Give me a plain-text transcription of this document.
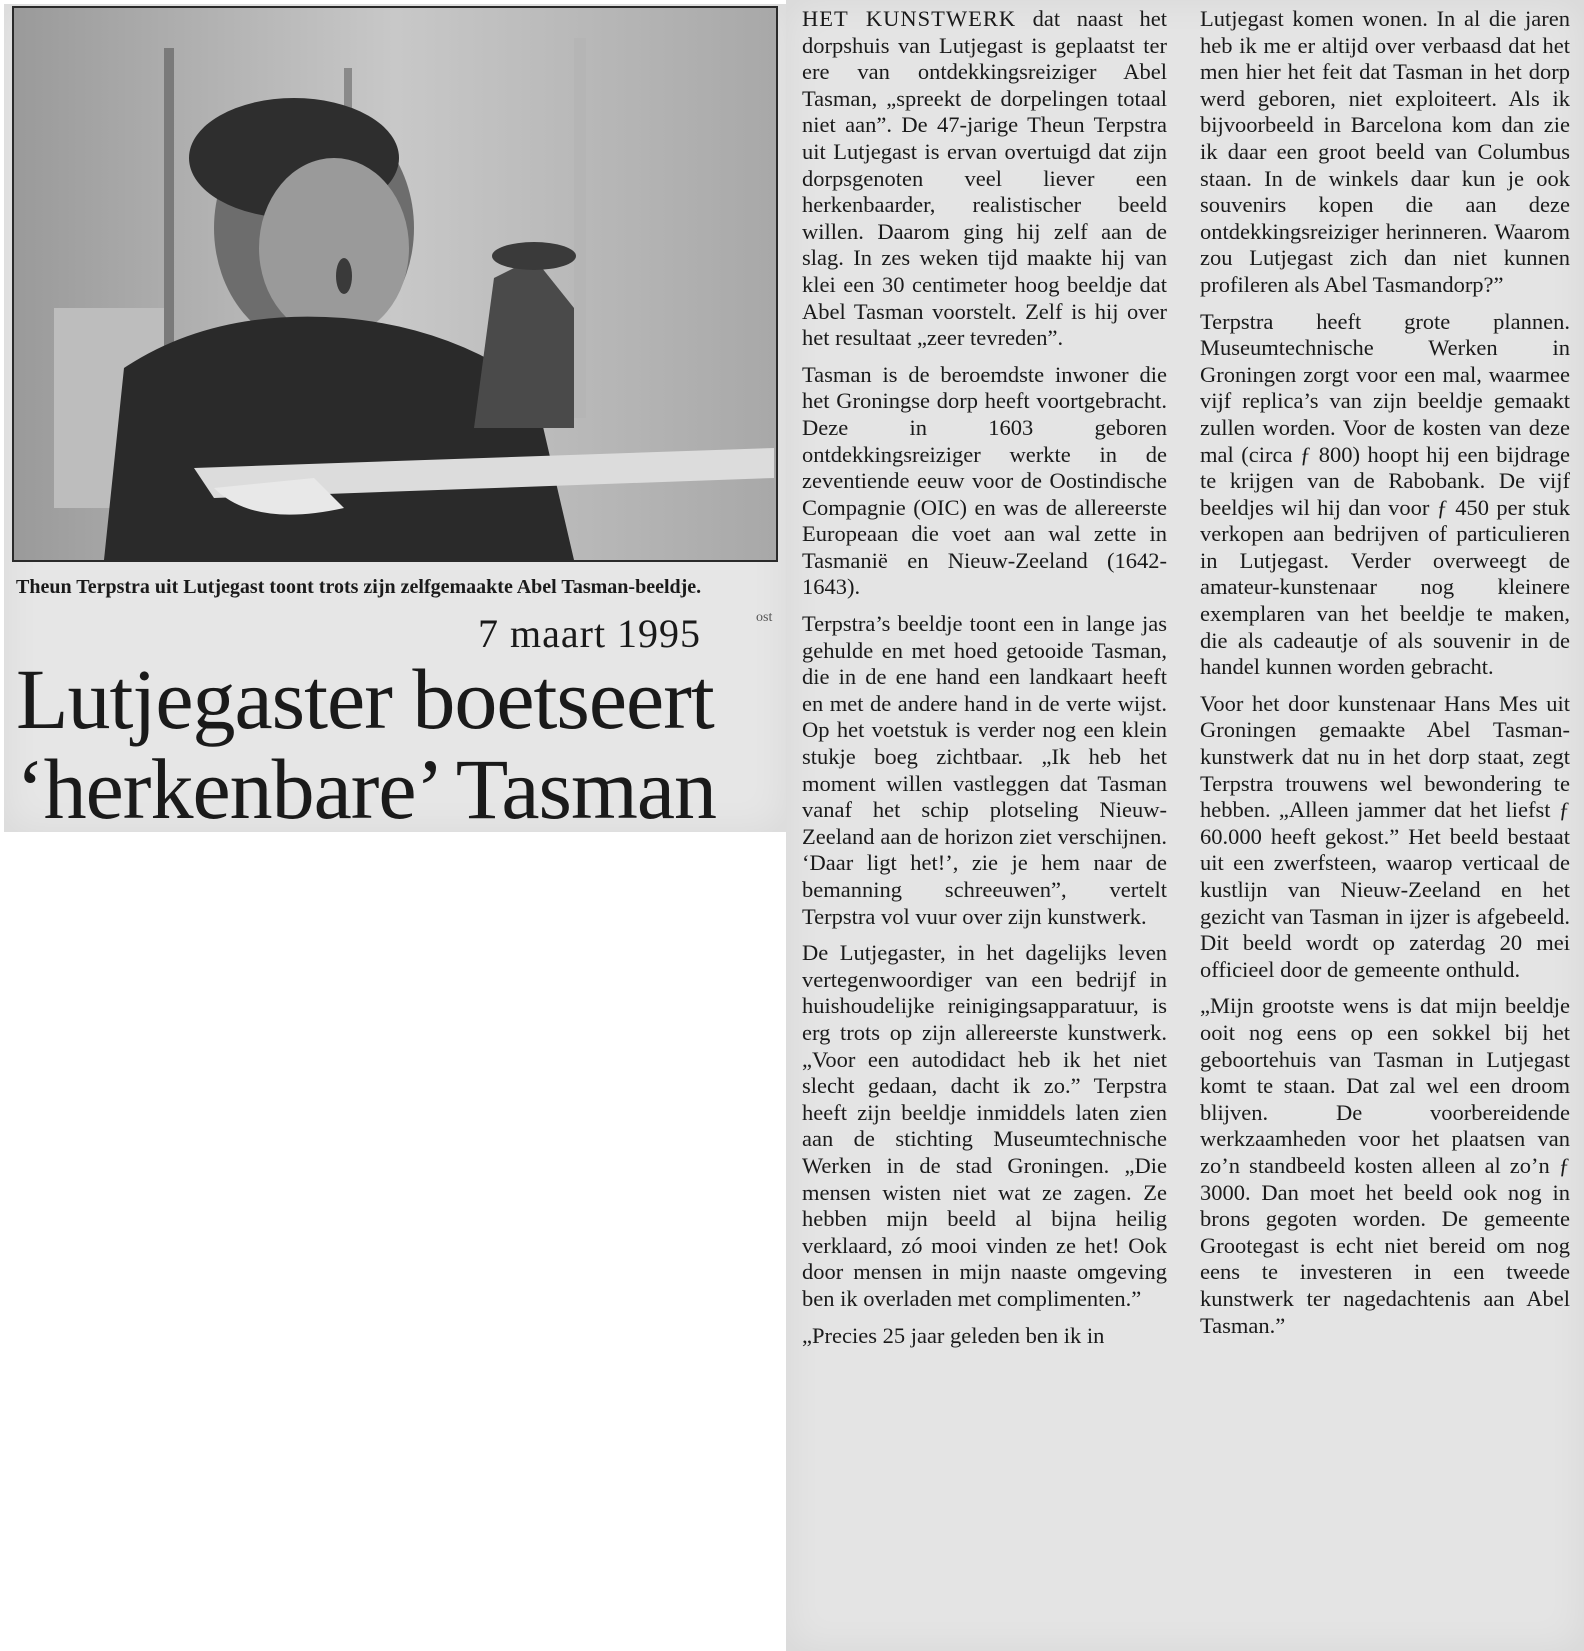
Theun Terpstra uit Lutjegast toont trots zijn zelfgemaakte Abel Tasman-beeldje.
7 maart 1995	ost
Lutjegaster boetseert
‘herkenbare’ Tasman

HET KUNSTWERK dat naast het dorpshuis van Lutjegast is geplaatst ter ere van ontdekkingsreiziger Abel Tasman, „spreekt de dorpelingen totaal niet aan”. De 47-jarige Theun Terpstra uit Lutjegast is ervan overtuigd dat zijn dorpsgenoten veel liever een herkenbaarder, realistischer beeld willen. Daarom ging hij zelf aan de slag. In zes weken tijd maakte hij van klei een 30 centimeter hoog beeldje dat Abel Tasman voorstelt. Zelf is hij over het resultaat „zeer tevreden”.

Tasman is de beroemdste inwoner die het Groningse dorp heeft voortgebracht. Deze in 1603 geboren ontdekkingsreiziger werkte in de zeventiende eeuw voor de Oostindische Compagnie (OIC) en was de allereerste Europeaan die voet aan wal zette in Tasmanië en Nieuw-Zeeland (1642-1643).

Terpstra’s beeldje toont een in lange jas gehulde en met hoed getooide Tasman, die in de ene hand een landkaart heeft en met de andere hand in de verte wijst. Op het voetstuk is verder nog een klein stukje boeg zichtbaar. „Ik heb het moment willen vastleggen dat Tasman vanaf het schip plotseling Nieuw-Zeeland aan de horizon ziet verschijnen. ‘Daar ligt het!’, zie je hem naar de bemanning schreeuwen”, vertelt Terpstra vol vuur over zijn kunstwerk.

De Lutjegaster, in het dagelijks leven vertegenwoordiger van een bedrijf in huishoudelijke reinigingsapparatuur, is erg trots op zijn allereerste kunstwerk. „Voor een autodidact heb ik het niet slecht gedaan, dacht ik zo.” Terpstra heeft zijn beeldje inmiddels laten zien aan de stichting Museumtechnische Werken in de stad Groningen. „Die mensen wisten niet wat ze zagen. Ze hebben mijn beeld al bijna heilig verklaard, zó mooi vinden ze het! Ook door mensen in mijn naaste omgeving ben ik overladen met complimenten.”

„Precies 25 jaar geleden ben ik in

Lutjegast komen wonen. In al die jaren heb ik me er altijd over verbaasd dat het men hier het feit dat Tasman in het dorp werd geboren, niet exploiteert. Als ik bijvoorbeeld in Barcelona kom dan zie ik daar een groot beeld van Columbus staan. In de winkels daar kun je ook souvenirs kopen die aan deze ontdekkingsreiziger herinneren. Waarom zou Lutjegast zich dan niet kunnen profileren als Abel Tasmandorp?”

Terpstra heeft grote plannen. Museumtechnische Werken in Groningen zorgt voor een mal, waarmee vijf replica’s van zijn beeldje gemaakt zullen worden. Voor de kosten van deze mal (circa ƒ 800) hoopt hij een bijdrage te krijgen van de Rabobank. De vijf beeldjes wil hij dan voor ƒ 450 per stuk verkopen aan bedrijven of particulieren in Lutjegast. Verder overweegt de amateur-kunstenaar nog kleinere exemplaren van het beeldje te maken, die als cadeautje of als souvenir in de handel kunnen worden gebracht.

Voor het door kunstenaar Hans Mes uit Groningen gemaakte Abel Tasman-kunstwerk dat nu in het dorp staat, zegt Terpstra trouwens wel bewondering te hebben. „Alleen jammer dat het liefst ƒ 60.000 heeft gekost.” Het beeld bestaat uit een zwerfsteen, waarop verticaal de kustlijn van Nieuw-Zeeland en het gezicht van Tasman in ijzer is afgebeeld. Dit beeld wordt op zaterdag 20 mei officieel door de gemeente onthuld.

„Mijn grootste wens is dat mijn beeldje ooit nog eens op een sokkel bij het geboortehuis van Tasman in Lutjegast komt te staan. Dat zal wel een droom blijven. De voorbereidende werkzaamheden voor het plaatsen van zo’n standbeeld kosten alleen al zo’n ƒ 3000. Dan moet het beeld ook nog in brons gegoten worden. De gemeente Grootegast is echt niet bereid om nog eens te investeren in een tweede kunstwerk ter nagedachtenis aan Abel Tasman.”
